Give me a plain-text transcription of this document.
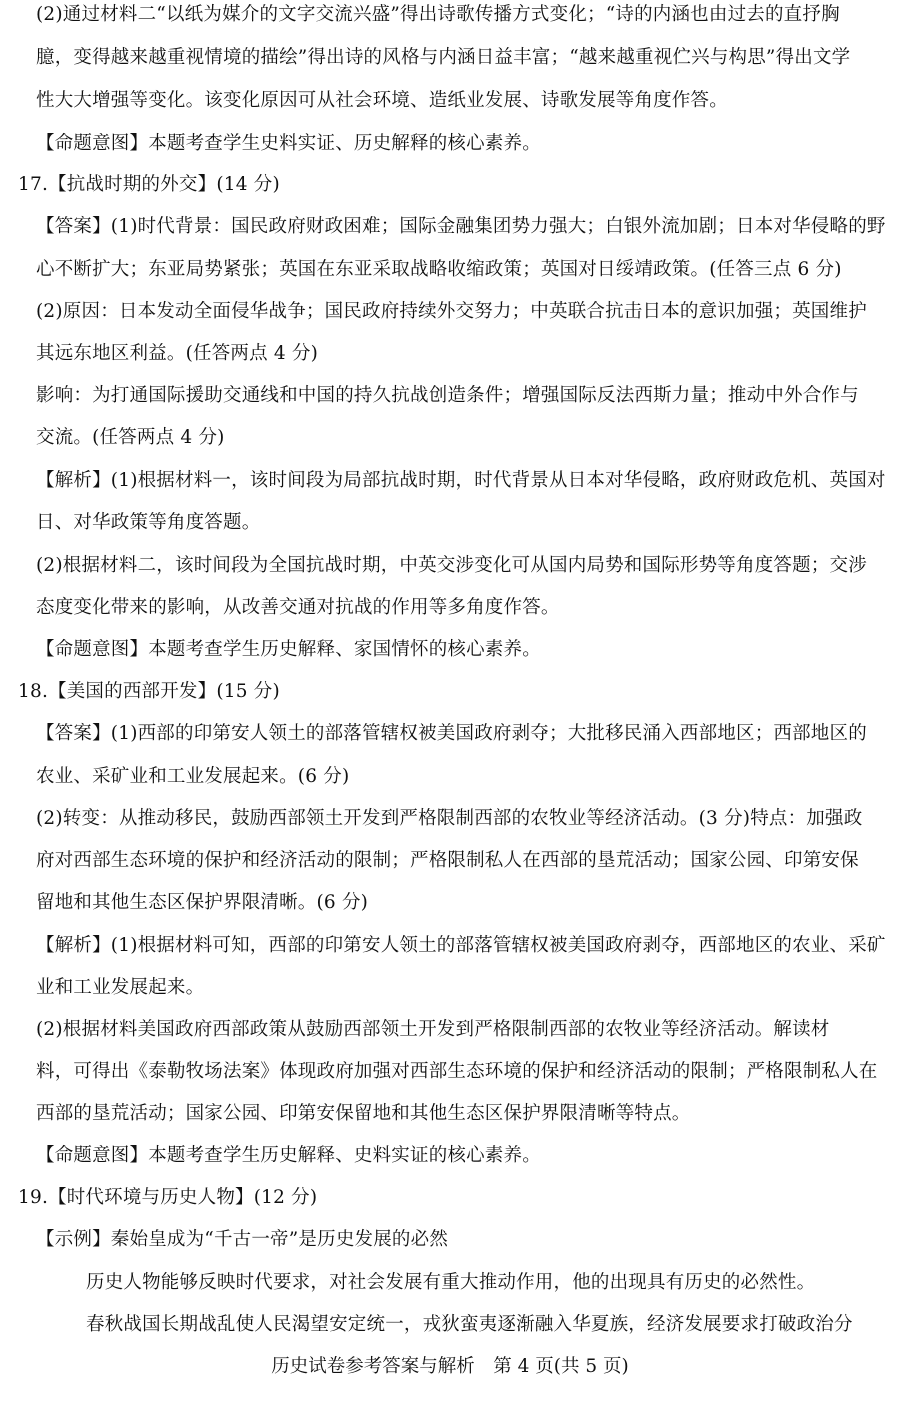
(2)通过材料二“以纸为媒介的文字交流兴盛”得出诗歌传播方式变化；“诗的内涵也由过去的直抒胸
臆，变得越来越重视情境的描绘”得出诗的风格与内涵日益丰富；“越来越重视伫兴与构思”得出文学
性大大增强等变化。该变化原因可从社会环境、造纸业发展、诗歌发展等角度作答。
【命题意图】本题考查学生史料实证、历史解释的核心素养。
17.【抗战时期的外交】(14 分)
【答案】(1)时代背景：国民政府财政困难；国际金融集团势力强大；白银外流加剧；日本对华侵略的野
心不断扩大；东亚局势紧张；英国在东亚采取战略收缩政策；英国对日绥靖政策。(任答三点 6 分)
(2)原因：日本发动全面侵华战争；国民政府持续外交努力；中英联合抗击日本的意识加强；英国维护
其远东地区利益。(任答两点 4 分)
影响：为打通国际援助交通线和中国的持久抗战创造条件；增强国际反法西斯力量；推动中外合作与
交流。(任答两点 4 分)
【解析】(1)根据材料一，该时间段为局部抗战时期，时代背景从日本对华侵略，政府财政危机、英国对
日、对华政策等角度答题。
(2)根据材料二，该时间段为全国抗战时期，中英交涉变化可从国内局势和国际形势等角度答题；交涉
态度变化带来的影响，从改善交通对抗战的作用等多角度作答。
【命题意图】本题考查学生历史解释、家国情怀的核心素养。
18.【美国的西部开发】(15 分)
【答案】(1)西部的印第安人领土的部落管辖权被美国政府剥夺；大批移民涌入西部地区；西部地区的
农业、采矿业和工业发展起来。(6 分)
(2)转变：从推动移民，鼓励西部领土开发到严格限制西部的农牧业等经济活动。(3 分)特点：加强政
府对西部生态环境的保护和经济活动的限制；严格限制私人在西部的垦荒活动；国家公园、印第安保
留地和其他生态区保护界限清晰。(6 分)
【解析】(1)根据材料可知，西部的印第安人领土的部落管辖权被美国政府剥夺，西部地区的农业、采矿
业和工业发展起来。
(2)根据材料美国政府西部政策从鼓励西部领土开发到严格限制西部的农牧业等经济活动。解读材
料，可得出《泰勒牧场法案》体现政府加强对西部生态环境的保护和经济活动的限制；严格限制私人在
西部的垦荒活动；国家公园、印第安保留地和其他生态区保护界限清晰等特点。
【命题意图】本题考查学生历史解释、史料实证的核心素养。
19.【时代环境与历史人物】(12 分)
【示例】秦始皇成为“千古一帝”是历史发展的必然
历史人物能够反映时代要求，对社会发展有重大推动作用，他的出现具有历史的必然性。
春秋战国长期战乱使人民渴望安定统一，戎狄蛮夷逐渐融入华夏族，经济发展要求打破政治分
历史试卷参考答案与解析　第 4 页(共 5 页)
